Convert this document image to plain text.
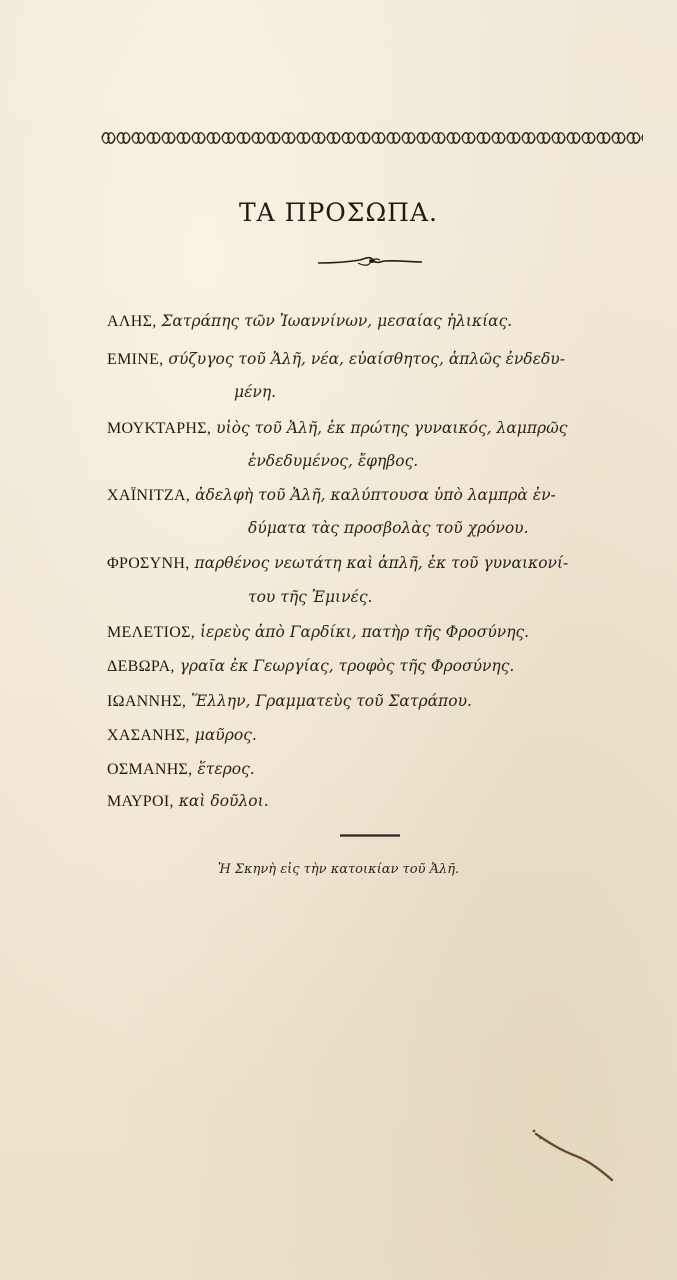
ΤΑ ΠΡΟΣΩΠΑ.
ΑΛΗΣ, Σατράπης τῶν Ἰωαννίνων, μεσαίας ἡλικίας.
ΕΜΙΝΕ, σύζυγος τοῦ Ἀλῆ, νέα, εὐαίσθητος, ἁπλῶς ἐνδεδυ-
μένη.
ΜΟΥΚΤΑΡΗΣ, υἱὸς τοῦ Ἀλῆ, ἐκ πρώτης γυναικός, λαμπρῶς
ἐνδεδυμένος, ἔφηβος.
ΧΑΪΝΙΤΖΑ, ἀδελφὴ τοῦ Ἀλῆ, καλύπτουσα ὑπὸ λαμπρὰ ἐν-
δύματα τὰς προσβολὰς τοῦ χρόνου.
ΦΡΟΣΥΝΗ, παρθένος νεωτάτη καὶ ἁπλῆ, ἐκ τοῦ γυναικονί-
του τῆς Ἐμινές.
ΜΕΛΕΤΙΟΣ, ἱερεὺς ἀπὸ Γαρδίκι, πατὴρ τῆς Φροσύνης.
ΔΕΒΩΡΑ, γραῖα ἐκ Γεωργίας, τροφὸς τῆς Φροσύνης.
ΙΩΑΝΝΗΣ, Ἕλλην, Γραμματεὺς τοῦ Σατράπου.
ΧΑΣΑΝΗΣ, μαῦρος.
ΟΣΜΑΝΗΣ, ἕτερος.
ΜΑΥΡΟΙ, καὶ δοῦλοι.
Ἡ Σκηνὴ εἰς τὴν κατοικίαν τοῦ Ἀλῆ.
